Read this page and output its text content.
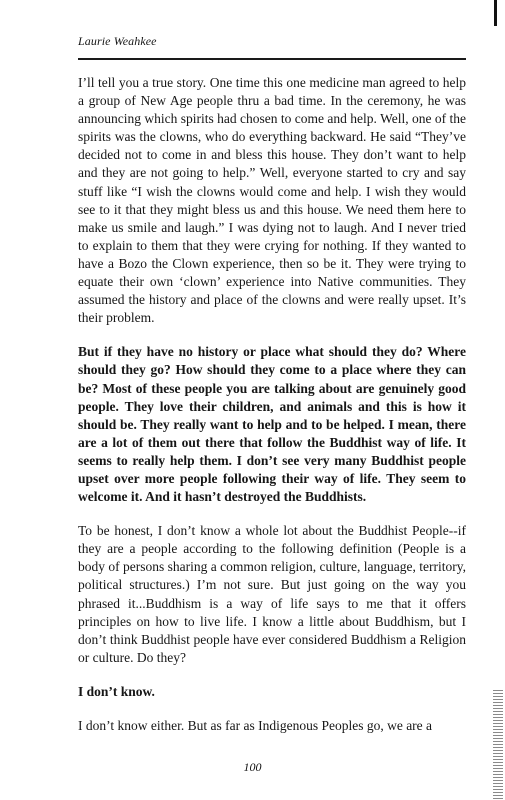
Laurie Weahkee

I’ll tell you a true story. One time this one medicine man agreed to help a group of New Age people thru a bad time. In the ceremony, he was announcing which spirits had chosen to come and help. Well, one of the spirits was the clowns, who do everything backward. He said “They’ve decided not to come in and bless this house. They don’t want to help and they are not going to help.” Well, everyone started to cry and say stuff like “I wish the clowns would come and help. I wish they would see to it that they might bless us and this house. We need them here to make us smile and laugh.” I was dying not to laugh. And I never tried to explain to them that they were crying for nothing. If they wanted to have a Bozo the Clown experience, then so be it. They were trying to equate their own ‘clown’ experience into Native communities. They assumed the history and place of the clowns and were really upset. It’s their problem.

But if they have no history or place what should they do? Where should they go? How should they come to a place where they can be? Most of these people you are talking about are genuinely good people. They love their children, and animals and this is how it should be. They really want to help and to be helped. I mean, there are a lot of them out there that follow the Buddhist way of life. It seems to really help them. I don’t see very many Buddhist people upset over more people following their way of life. They seem to welcome it. And it hasn’t destroyed the Buddhists.

To be honest, I don’t know a whole lot about the Buddhist People--if they are a people according to the following definition (People is a body of persons sharing a common religion, culture, language, territory, political structures.) I’m not sure. But just going on the way you phrased it...Buddhism is a way of life says to me that it offers principles on how to live life. I know a little about Buddhism, but I don’t think Buddhist people have ever considered Buddhism a Religion or culture. Do they?

I don’t know.

I don’t know either. But as far as Indigenous Peoples go, we are a

100
